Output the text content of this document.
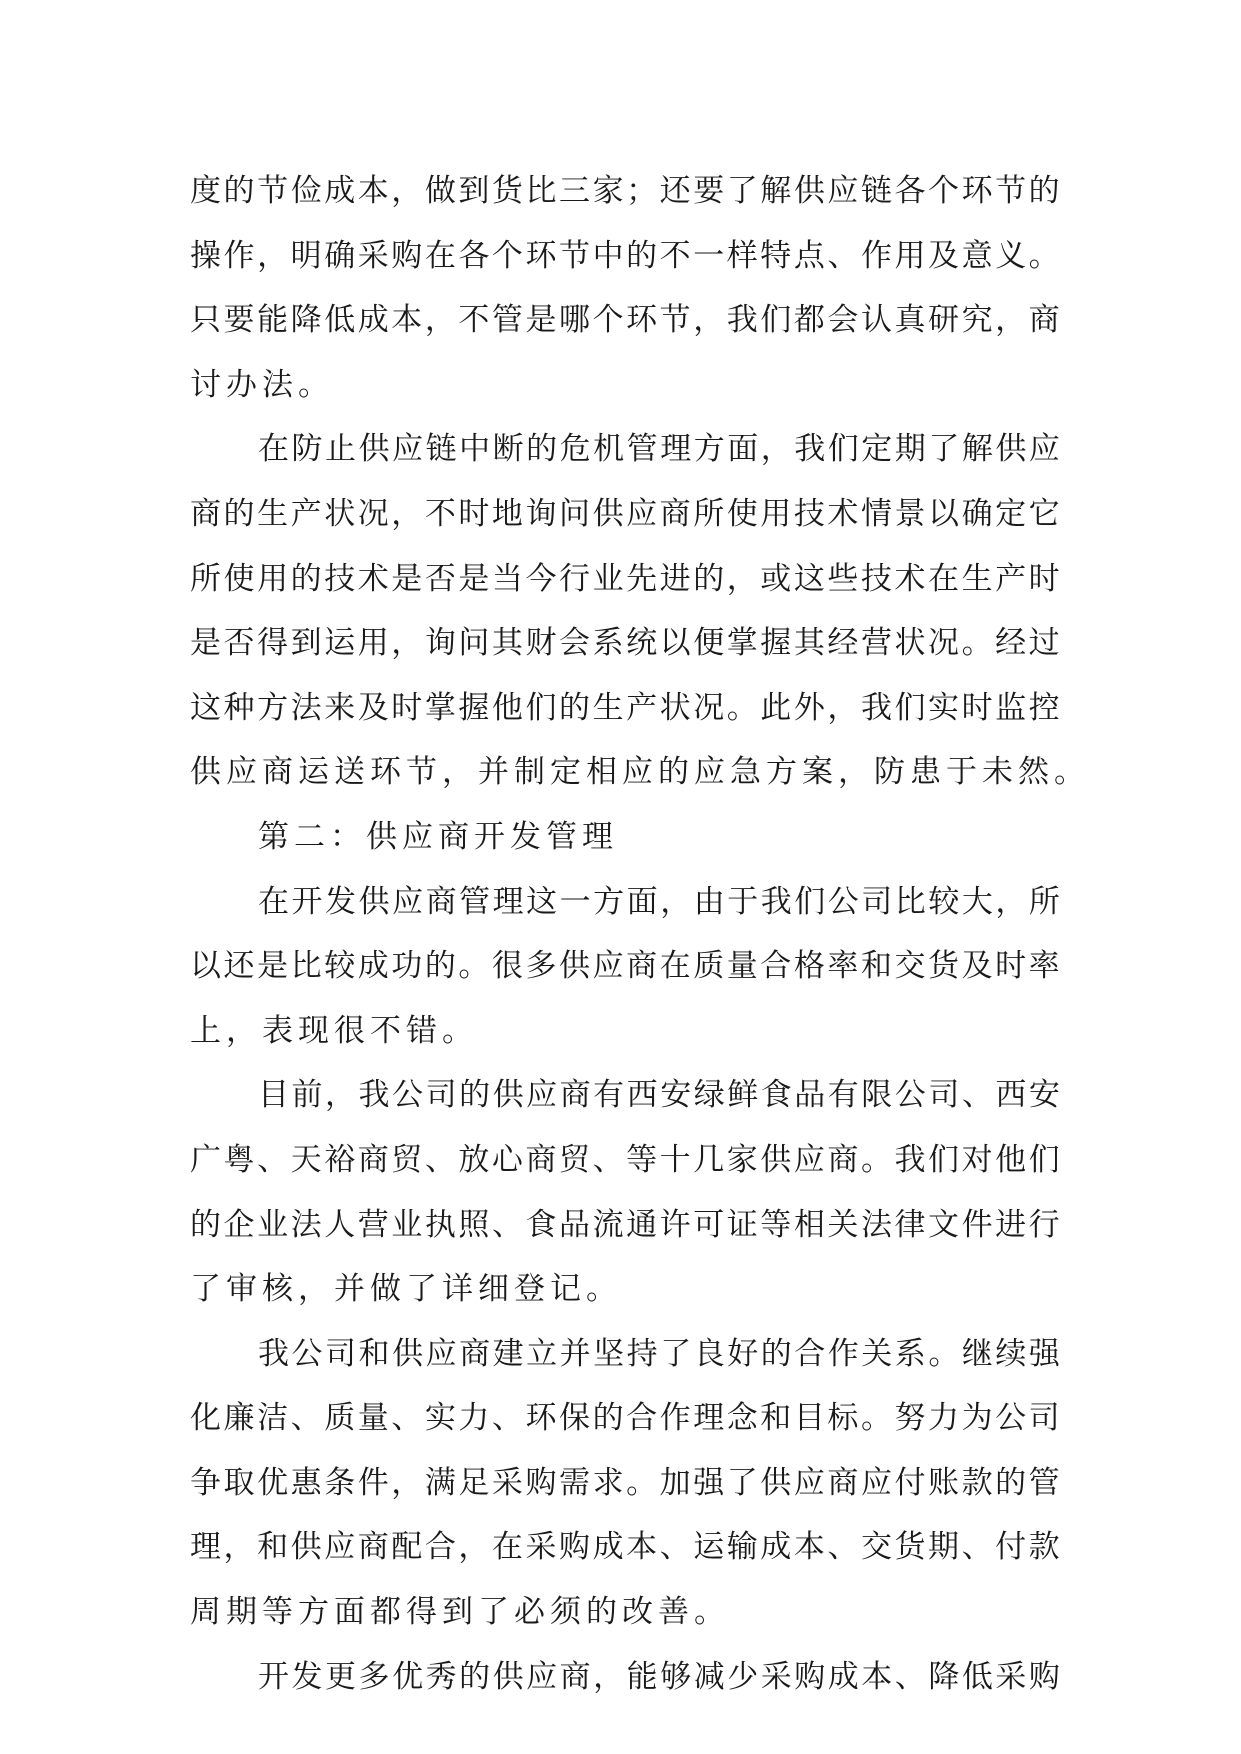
度 的 节 俭 成 本 ， 做 到 货 比 三 家 ； 还 要 了 解 供 应 链 各 个 环 节 的
操 作 ， 明 确 采 购 在 各 个 环 节 中 的 不 一 样 特 点 、 作 用 及 意 义 。
只 要 能 降 低 成 本 ， 不 管 是 哪 个 环 节 ， 我 们 都 会 认 真 研 究 ， 商
讨 办 法 。
在 防 止 供 应 链 中 断 的 危 机 管 理 方 面 ， 我 们 定 期 了 解 供 应
商 的 生 产 状 况 ， 不 时 地 询 问 供 应 商 所 使 用 技 术 情 景 以 确 定 它
所 使 用 的 技 术 是 否 是 当 今 行 业 先 进 的 ， 或 这 些 技 术 在 生 产 时
是 否 得 到 运 用 ， 询 问 其 财 会 系 统 以 便 掌 握 其 经 营 状 况 。 经 过
这 种 方 法 来 及 时 掌 握 他 们 的 生 产 状 况 。 此 外 ， 我 们 实 时 监 控
供 应 商 运 送 环 节 ， 并 制 定 相 应 的 应 急 方 案 ， 防 患 于 未 然 。
第 二 ： 供 应 商 开 发 管 理
在 开 发 供 应 商 管 理 这 一 方 面 ， 由 于 我 们 公 司 比 较 大 ， 所
以 还 是 比 较 成 功 的 。 很 多 供 应 商 在 质 量 合 格 率 和 交 货 及 时 率
上 ， 表 现 很 不 错 。
目 前 ， 我 公 司 的 供 应 商 有 西 安 绿 鲜 食 品 有 限 公 司 、 西 安
广 粤 、 天 裕 商 贸 、 放 心 商 贸 、 等 十 几 家 供 应 商 。 我 们 对 他 们
的 企 业 法 人 营 业 执 照 、 食 品 流 通 许 可 证 等 相 关 法 律 文 件 进 行
了 审 核 ， 并 做 了 详 细 登 记 。
我 公 司 和 供 应 商 建 立 并 坚 持 了 良 好 的 合 作 关 系 。 继 续 强
化 廉 洁 、 质 量 、 实 力 、 环 保 的 合 作 理 念 和 目 标 。 努 力 为 公 司
争 取 优 惠 条 件 ， 满 足 采 购 需 求 。 加 强 了 供 应 商 应 付 账 款 的 管
理 ， 和 供 应 商 配 合 ， 在 采 购 成 本 、 运 输 成 本 、 交 货 期 、 付 款
周 期 等 方 面 都 得 到 了 必 须 的 改 善 。
开 发 更 多 优 秀 的 供 应 商 ， 能 够 减 少 采 购 成 本 、 降 低 采 购
